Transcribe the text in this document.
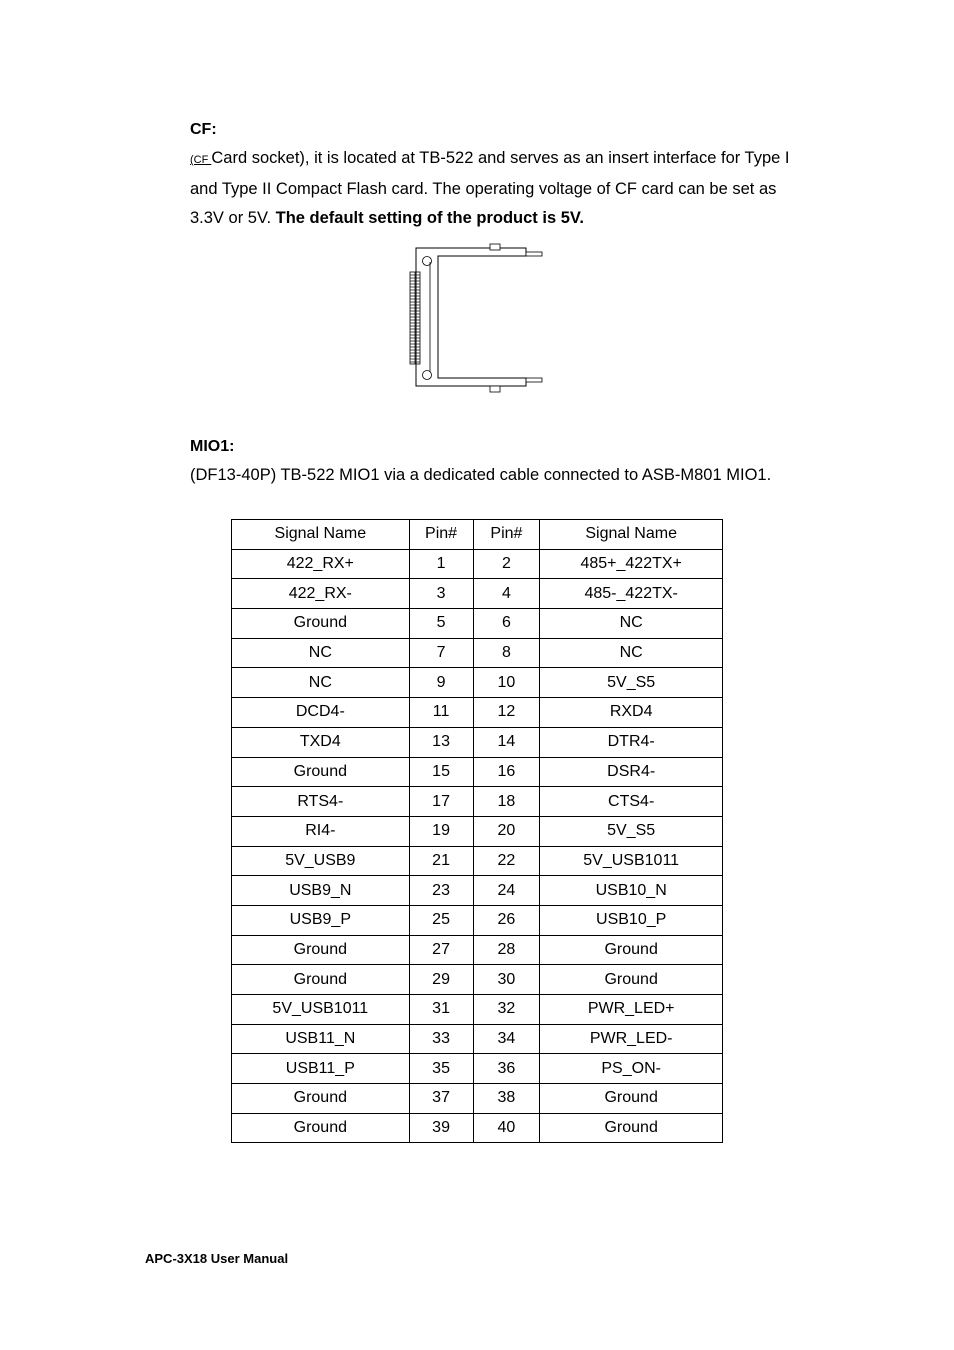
CF:
(CF Card socket), it is located at TB-522 and serves as an insert interface for Type I and Type II Compact Flash card. The operating voltage of CF card can be set as 3.3V or 5V. The default setting of the product is 5V.
MIO1:
(DF13-40P) TB-522 MIO1 via a dedicated cable connected to ASB-M801 MIO1.
Signal Name	Pin#	Pin#	Signal Name
422_RX+	1	2	485+_422TX+
422_RX-	3	4	485-_422TX-
Ground	5	6	NC
NC	7	8	NC
NC	9	10	5V_S5
DCD4-	11	12	RXD4
TXD4	13	14	DTR4-
Ground	15	16	DSR4-
RTS4-	17	18	CTS4-
RI4-	19	20	5V_S5
5V_USB9	21	22	5V_USB1011
USB9_N	23	24	USB10_N
USB9_P	25	26	USB10_P
Ground	27	28	Ground
Ground	29	30	Ground
5V_USB1011	31	32	PWR_LED+
USB11_N	33	34	PWR_LED-
USB11_P	35	36	PS_ON-
Ground	37	38	Ground
Ground	39	40	Ground
APC-3X18 User Manual
